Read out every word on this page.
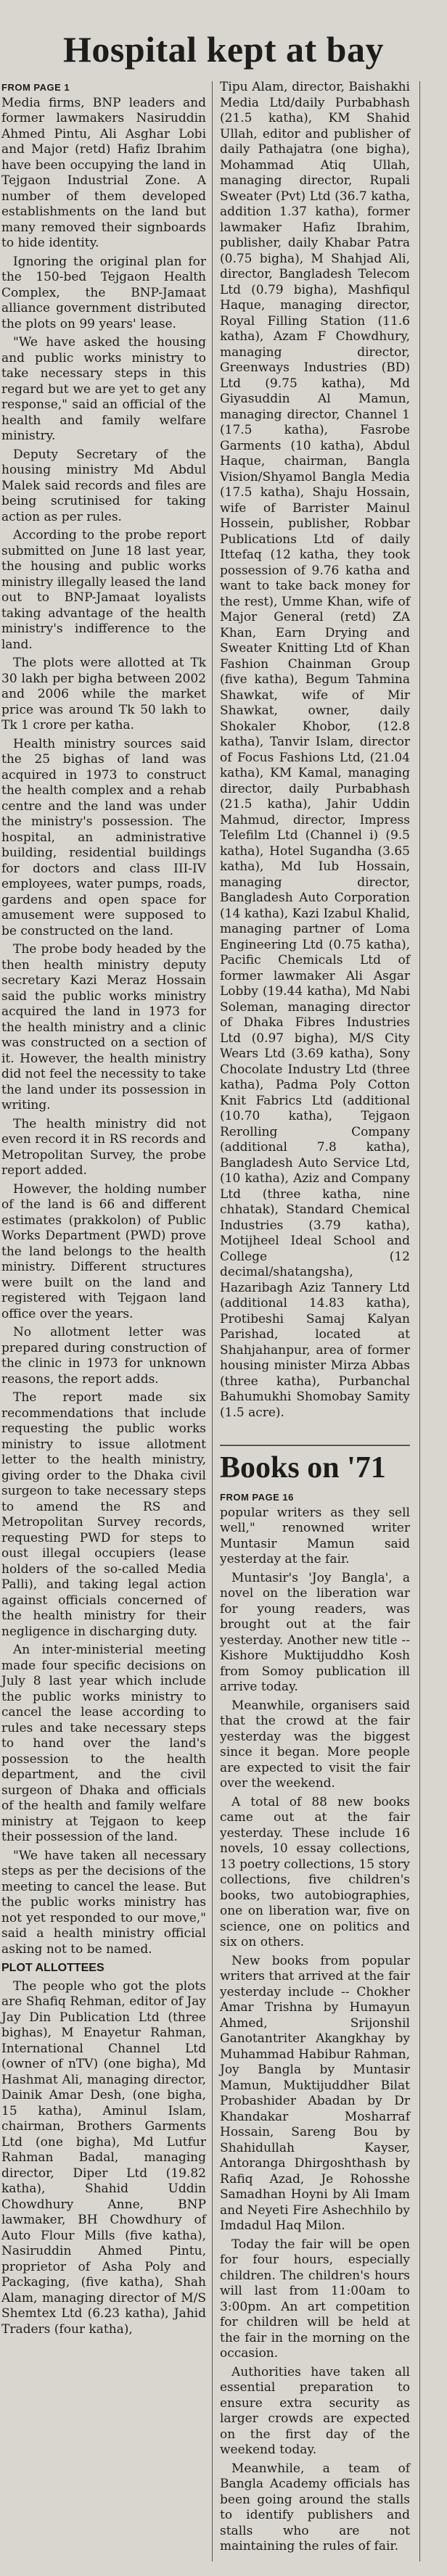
Hospital kept at bay
FROM PAGE 1

Media firms, BNP leaders and former lawmakers Nasiruddin Ahmed Pintu, Ali Asghar Lobi and Major (retd) Hafiz Ibrahim have been occupying the land in Tejgaon Industrial Zone. A number of them developed establishments on the land but many removed their signboards to hide identity.

Ignoring the original plan for the 150-bed Tejgaon Health Complex, the BNP-Jamaat alliance government distributed the plots on 99 years' lease.

"We have asked the housing and public works ministry to take necessary steps in this regard but we are yet to get any response," said an official of the health and family welfare ministry.

Deputy Secretary of the housing ministry Md Abdul Malek said records and files are being scrutinised for taking action as per rules.

According to the probe report submitted on June 18 last year, the housing and public works ministry illegally leased the land out to BNP-Jamaat loyalists taking advantage of the health ministry's indifference to the land.

The plots were allotted at Tk 30 lakh per bigha between 2002 and 2006 while the market price was around Tk 50 lakh to Tk 1 crore per katha.

Health ministry sources said the 25 bighas of land was acquired in 1973 to construct the health complex and a rehab centre and the land was under the ministry's possession. The hospital, an administrative building, residential buildings for doctors and class III-IV employees, water pumps, roads, gardens and open space for amusement were supposed to be constructed on the land.

The probe body headed by the then health ministry deputy secretary Kazi Meraz Hossain said the public works ministry acquired the land in 1973 for the health ministry and a clinic was constructed on a section of it. However, the health ministry did not feel the necessity to take the land under its possession in writing.

The health ministry did not even record it in RS records and Metropolitan Survey, the probe report added.

However, the holding number of the land is 66 and different estimates (prakkolon) of Public Works Department (PWD) prove the land belongs to the health ministry. Different structures were built on the land and registered with Tejgaon land office over the years.

No allotment letter was prepared during construction of the clinic in 1973 for unknown reasons, the report adds.

The report made six recommendations that include requesting the public works ministry to issue allotment letter to the health ministry, giving order to the Dhaka civil surgeon to take necessary steps to amend the RS and Metropolitan Survey records, requesting PWD for steps to oust illegal occupiers (lease holders of the so-called Media Palli), and taking legal action against officials concerned of the health ministry for their negligence in discharging duty.

An inter-ministerial meeting made four specific decisions on July 8 last year which include the public works ministry to cancel the lease according to rules and take necessary steps to hand over the land's possession to the health department, and the civil surgeon of Dhaka and officials of the health and family welfare ministry at Tejgaon to keep their possession of the land.

"We have taken all necessary steps as per the decisions of the meeting to cancel the lease. But the public works ministry has not yet responded to our move," said a health ministry official asking not to be named.

PLOT ALLOTTEES

The people who got the plots are Shafiq Rehman, editor of Jay Jay Din Publication Ltd (three bighas), M Enayetur Rahman, International Channel Ltd (owner of nTV) (one bigha), Md Hashmat Ali, managing director, Dainik Amar Desh, (one bigha, 15 katha), Aminul Islam, chairman, Brothers Garments Ltd (one bigha), Md Lutfur Rahman Badal, managing director, Diper Ltd (19.82 katha), Shahid Uddin Chowdhury Anne, BNP lawmaker, BH Chowdhury of Auto Flour Mills (five katha), Nasiruddin Ahmed Pintu, proprietor of Asha Poly and Packaging, (five katha), Shah Alam, managing director of M/S Shemtex Ltd (6.23 katha), Jahid Traders (four katha),

Tipu Alam, director, Baishakhi Media Ltd/daily Purbabhash (21.5 katha), KM Shahid Ullah, editor and publisher of daily Pathajatra (one bigha), Mohammad Atiq Ullah, managing director, Rupali Sweater (Pvt) Ltd (36.7 katha, addition 1.37 katha), former lawmaker Hafiz Ibrahim, publisher, daily Khabar Patra (0.75 bigha), M Shahjad Ali, director, Bangladesh Telecom Ltd (0.79 bigha), Mashfiqul Haque, managing director, Royal Filling Station (11.6 katha), Azam F Chowdhury, managing director, Greenways Industries (BD) Ltd (9.75 katha), Md Giyasuddin Al Mamun, managing director, Channel 1 (17.5 katha), Fasrobe Garments (10 katha), Abdul Haque, chairman, Bangla Vision/Shyamol Bangla Media (17.5 katha), Shaju Hossain, wife of Barrister Mainul Hossein, publisher, Robbar Publications Ltd of daily Ittefaq (12 katha, they took possession of 9.76 katha and want to take back money for the rest), Umme Khan, wife of Major General (retd) ZA Khan, Earn Drying and Sweater Knitting Ltd of Khan Fashion Chainman Group (five katha), Begum Tahmina Shawkat, wife of Mir Shawkat, owner, daily Shokaler Khobor, (12.8 katha), Tanvir Islam, director of Focus Fashions Ltd, (21.04 katha), KM Kamal, managing director, daily Purbabhash (21.5 katha), Jahir Uddin Mahmud, director, Impress Telefilm Ltd (Channel i) (9.5 katha), Hotel Sugandha (3.65 katha), Md Iub Hossain, managing director, Bangladesh Auto Corporation (14 katha), Kazi Izabul Khalid, managing partner of Loma Engineering Ltd (0.75 katha), Pacific Chemicals Ltd of former lawmaker Ali Asgar Lobby (19.44 katha), Md Nabi Soleman, managing director of Dhaka Fibres Industries Ltd (0.97 bigha), M/S City Wears Ltd (3.69 katha), Sony Chocolate Industry Ltd (three katha), Padma Poly Cotton Knit Fabrics Ltd (additional (10.70 katha), Tejgaon Rerolling Company (additional 7.8 katha), Bangladesh Auto Service Ltd, (10 katha), Aziz and Company Ltd (three katha, nine chhatak), Standard Chemical Industries (3.79 katha), Motijheel Ideal School and College (12 decimal/shatangsha), Hazaribagh Aziz Tannery Ltd (additional 14.83 katha), Protibeshi Samaj Kalyan Parishad, located at Shahjahanpur, area of former housing minister Mirza Abbas (three katha), Purbanchal Bahumukhi Shomobay Samity (1.5 acre).

Books on '71
FROM PAGE 16

popular writers as they sell well," renowned writer Muntasir Mamun said yesterday at the fair.

Muntasir's 'Joy Bangla', a novel on the liberation war for young readers, was brought out at the fair yesterday. Another new title -- Kishore Muktijuddho Kosh from Somoy publication ill arrive today.

Meanwhile, organisers said that the crowd at the fair yesterday was the biggest since it began. More people are expected to visit the fair over the weekend.

A total of 88 new books came out at the fair yesterday. These include 16 novels, 10 essay collections, 13 poetry collections, 15 story collections, five children's books, two autobiographies, one on liberation war, five on science, one on politics and six on others.

New books from popular writers that arrived at the fair yesterday include -- Chokher Amar Trishna by Humayun Ahmed, Srijonshil Ganotantriter Akangkhay by Muhammad Habibur Rahman, Joy Bangla by Muntasir Mamun, Muktijuddher Bilat Probashider Abadan by Dr Khandakar Mosharraf Hossain, Sareng Bou by Shahidullah Kayser, Antoranga Dhirgoshthash by Rafiq Azad, Je Rohosshe Samadhan Hoyni by Ali Imam and Neyeti Fire Ashechhilo by Imdadul Haq Milon.

Today the fair will be open for four hours, especially children. The children's hours will last from 11:00am to 3:00pm. An art competition for children will be held at the fair in the morning on the occasion.

Authorities have taken all essential preparation to ensure extra security as larger crowds are expected on the first day of the weekend today.

Meanwhile, a team of Bangla Academy officials has been going around the stalls to identify publishers and stalls who are not maintaining the rules of fair.
